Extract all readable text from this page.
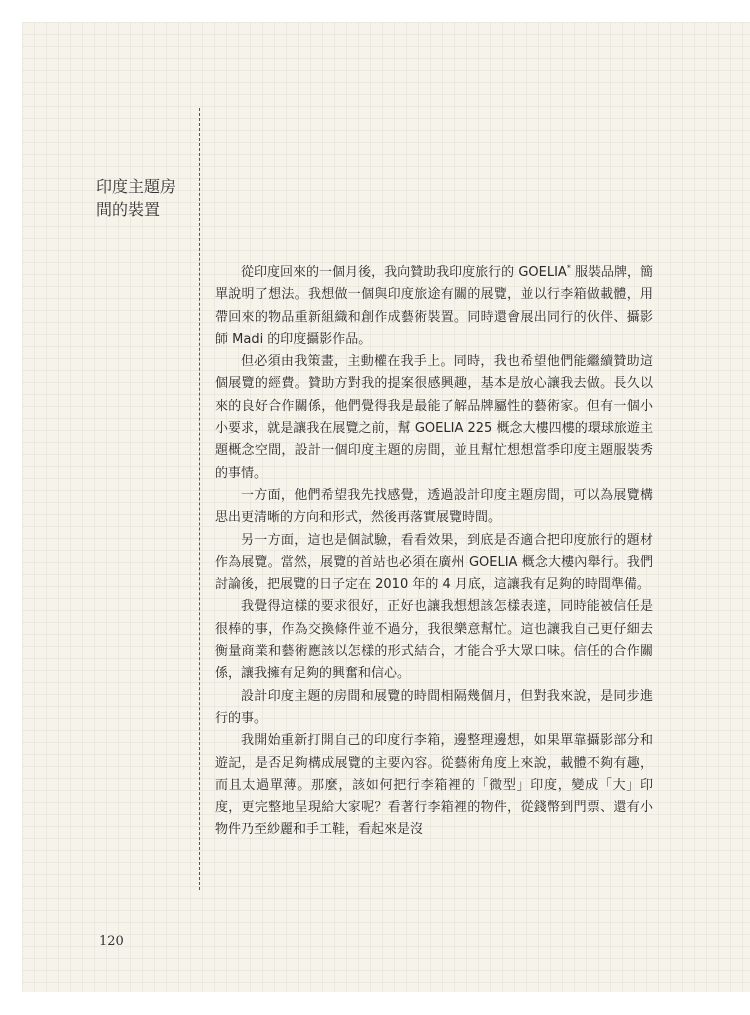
印度主題房
間的裝置

從印度回來的一個月後，我向贊助我印度旅行的 GOELIA* 服裝品牌，簡單說明了想法。我想做一個與印度旅途有關的展覽，並以行李箱做載體，用帶回來的物品重新組織和創作成藝術裝置。同時還會展出同行的伙伴、攝影師 Madi 的印度攝影作品。

但必須由我策畫，主動權在我手上。同時，我也希望他們能繼續贊助這個展覽的經費。贊助方對我的提案很感興趣，基本是放心讓我去做。長久以來的良好合作關係，他們覺得我是最能了解品牌屬性的藝術家。但有一個小小要求，就是讓我在展覽之前，幫 GOELIA 225 概念大樓四樓的環球旅遊主題概念空間，設計一個印度主題的房間，並且幫忙想想當季印度主題服裝秀的事情。

一方面，他們希望我先找感覺，透過設計印度主題房間，可以為展覽構思出更清晰的方向和形式，然後再落實展覽時間。

另一方面，這也是個試驗，看看效果，到底是否適合把印度旅行的題材作為展覽。當然，展覽的首站也必須在廣州 GOELIA 概念大樓內舉行。我們討論後，把展覽的日子定在 2010 年的 4 月底，這讓我有足夠的時間準備。

我覺得這樣的要求很好，正好也讓我想想該怎樣表達，同時能被信任是很棒的事，作為交換條件並不過分，我很樂意幫忙。這也讓我自己更仔細去衡量商業和藝術應該以怎樣的形式結合，才能合乎大眾口味。信任的合作關係，讓我擁有足夠的興奮和信心。

設計印度主題的房間和展覽的時間相隔幾個月，但對我來說，是同步進行的事。

我開始重新打開自己的印度行李箱，邊整理邊想，如果單靠攝影部分和遊記，是否足夠構成展覽的主要內容。從藝術角度上來說，載體不夠有趣，而且太過單薄。那麼，該如何把行李箱裡的「微型」印度，變成「大」印度，更完整地呈現給大家呢？看著行李箱裡的物件，從錢幣到門票、還有小物件乃至紗麗和手工鞋，看起來是沒

120
